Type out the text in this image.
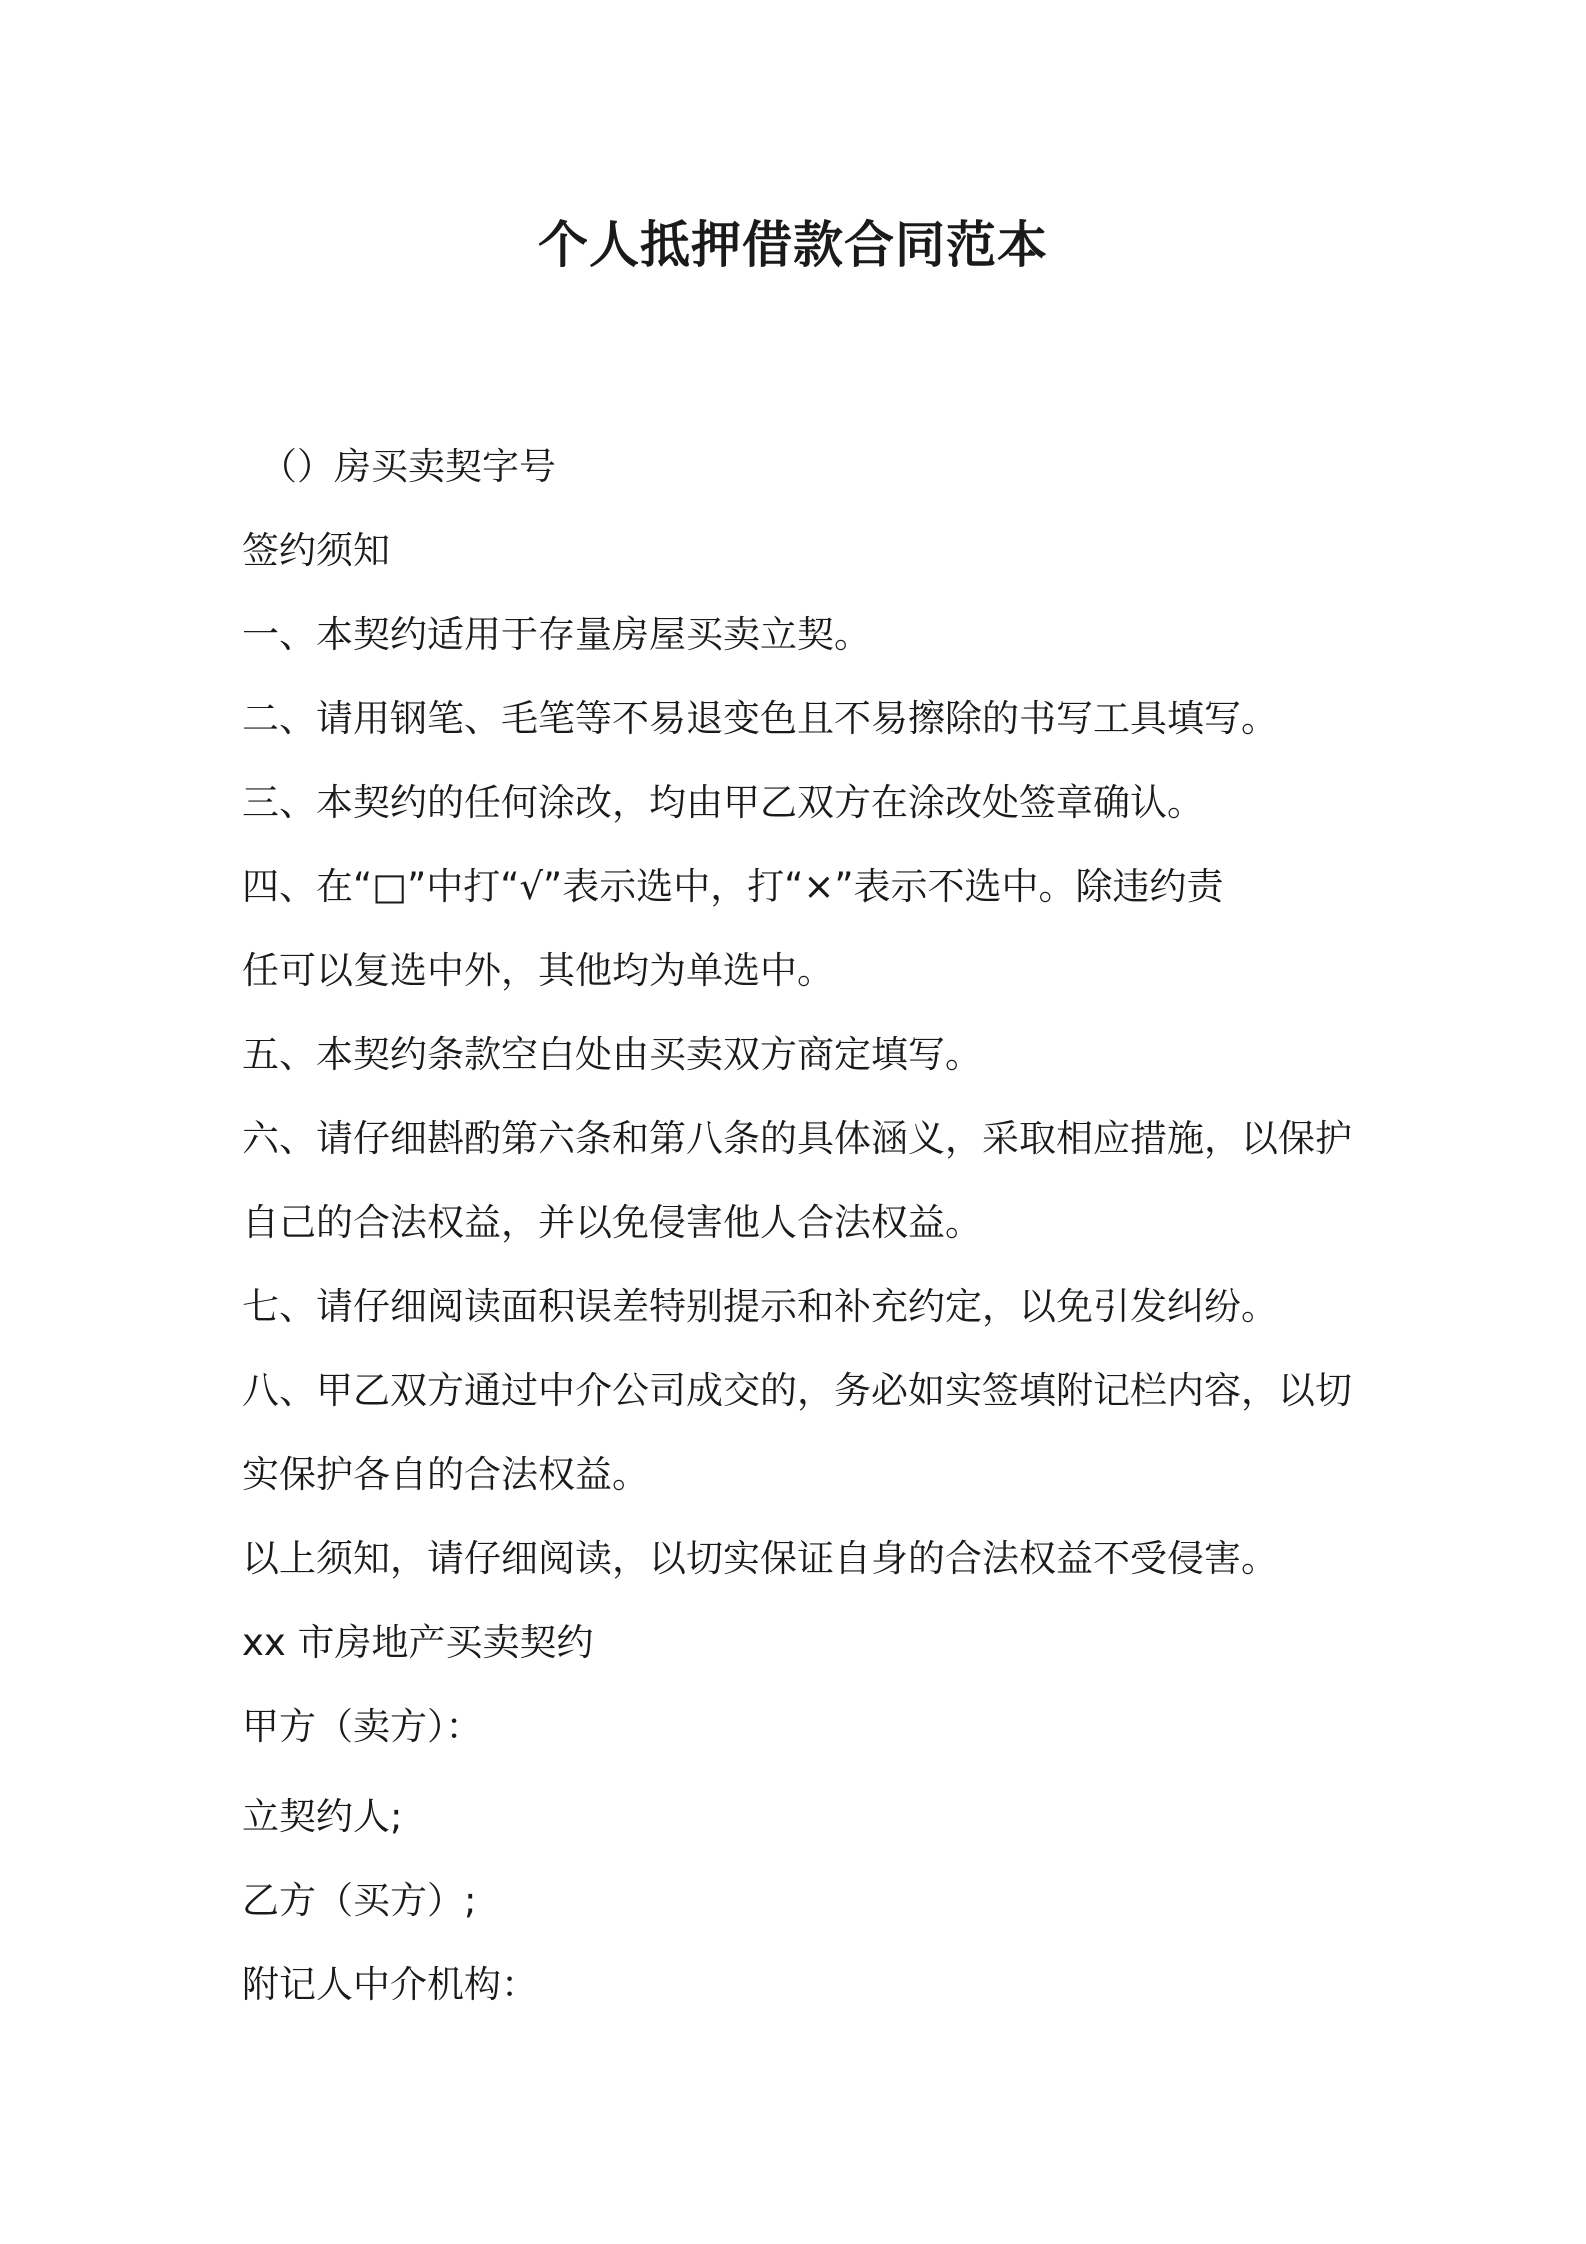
个人抵押借款合同范本

（）房买卖契字号

签约须知

一、本契约适用于存量房屋买卖立契。

二、请用钢笔、毛笔等不易退变色且不易擦除的书写工具填写。

三、本契约的任何涂改，均由甲乙双方在涂改处签章确认。

四、在“□”中打“√”表示选中，打“×”表示不选中。除违约责

任可以复选中外，其他均为单选中。

五、本契约条款空白处由买卖双方商定填写。

六、请仔细斟酌第六条和第八条的具体涵义，采取相应措施，以保护

自己的合法权益，并以免侵害他人合法权益。

七、请仔细阅读面积误差特别提示和补充约定，以免引发纠纷。

八、甲乙双方通过中介公司成交的，务必如实签填附记栏内容，以切

实保护各自的合法权益。

以上须知，请仔细阅读，以切实保证自身的合法权益不受侵害。

xx 市房地产买卖契约

甲方（卖方）：

立契约人;

乙方（买方）;

附记人中介机构：
